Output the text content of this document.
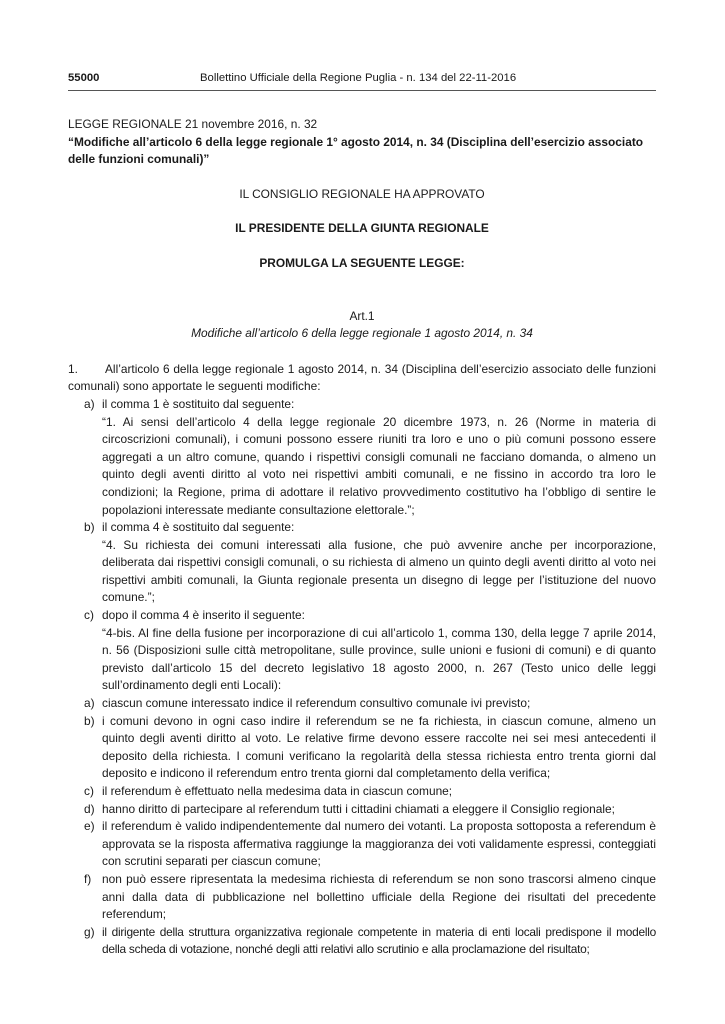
55000	Bollettino Ufficiale della Regione Puglia - n. 134 del 22-11-2016

LEGGE REGIONALE 21 novembre 2016, n. 32

“Modifiche all’articolo 6 della legge regionale 1° agosto 2014, n. 34 (Disciplina dell’esercizio associato delle funzioni comunali)”

IL CONSIGLIO REGIONALE HA APPROVATO

IL PRESIDENTE DELLA GIUNTA REGIONALE

PROMULGA LA SEGUENTE LEGGE:

Art.1

Modifiche all’articolo 6 della legge regionale 1 agosto 2014, n. 34

1. All’articolo 6 della legge regionale 1 agosto 2014, n. 34 (Disciplina dell’esercizio associato delle funzioni comunali) sono apportate le seguenti modifiche:

a) il comma 1 è sostituito dal seguente:

“1. Ai sensi dell’articolo 4 della legge regionale 20 dicembre 1973, n. 26 (Norme in materia di circoscrizioni comunali), i comuni possono essere riuniti tra loro e uno o più comuni possono essere aggregati a un altro comune, quando i rispettivi consigli comunali ne facciano domanda, o almeno un quinto degli aventi diritto al voto nei rispettivi ambiti comunali, e ne fissino in accordo tra loro le condizioni; la Regione, prima di adottare il relativo provvedimento costitutivo ha l’obbligo di sentire le popolazioni interessate mediante consultazione elettorale.”;

b) il comma 4 è sostituito dal seguente:

“4. Su richiesta dei comuni interessati alla fusione, che può avvenire anche per incorporazione, deliberata dai rispettivi consigli comunali, o su richiesta di almeno un quinto degli aventi diritto al voto nei rispettivi ambiti comunali, la Giunta regionale presenta un disegno di legge per l’istituzione del nuovo comune.”;

c) dopo il comma 4 è inserito il seguente:

“4-bis. Al fine della fusione per incorporazione di cui all’articolo 1, comma 130, della legge 7 aprile 2014, n. 56 (Disposizioni sulle città metropolitane, sulle province, sulle unioni e fusioni di comuni) e di quanto previsto dall’articolo 15 del decreto legislativo 18 agosto 2000, n. 267 (Testo unico delle leggi sull’ordinamento degli enti Locali):

a) ciascun comune interessato indice il referendum consultivo comunale ivi previsto;
b) i comuni devono in ogni caso indire il referendum se ne fa richiesta, in ciascun comune, almeno un quinto degli aventi diritto al voto. Le relative firme devono essere raccolte nei sei mesi antecedenti il deposito della richiesta. I comuni verificano la regolarità della stessa richiesta entro trenta giorni dal deposito e indicono il referendum entro trenta giorni dal completamento della verifica;
c) il referendum è effettuato nella medesima data in ciascun comune;
d) hanno diritto di partecipare al referendum tutti i cittadini chiamati a eleggere il Consiglio regionale;
e) il referendum è valido indipendentemente dal numero dei votanti. La proposta sottoposta a referendum è approvata se la risposta affermativa raggiunge la maggioranza dei voti validamente espressi, conteggiati con scrutini separati per ciascun comune;
f) non può essere ripresentata la medesima richiesta di referendum se non sono trascorsi almeno cinque anni dalla data di pubblicazione nel bollettino ufficiale della Regione dei risultati del precedente referendum;
g) il dirigente della struttura organizzativa regionale competente in materia di enti locali predispone il modello della scheda di votazione, nonché degli atti relativi allo scrutinio e alla proclamazione del risultato;
